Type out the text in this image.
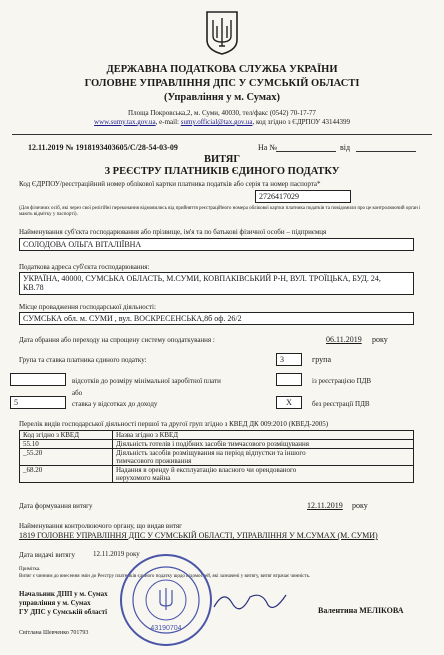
ДЕРЖАВНА ПОДАТКОВА СЛУЖБА УКРАЇНИ
ГОЛОВНЕ УПРАВЛІННЯ ДПС У СУМСЬКІЙ ОБЛАСТІ
(Управління у м. Сумах)
Площа Покровська,2, м. Суми, 40030, тел/факс (0542) 70-17-77
www.sumy.tax.gov.ua, e-mail: sumy.official@tax.gov.ua, код згідно з ЄДРПОУ 43144399
12.11.2019 № 1918193403605/С/28-54-03-09	На №	від
ВИТЯГ
З РЕЄСТРУ ПЛАТНИКІВ ЄДИНОГО ПОДАТКУ
Код ЄДРПОУ/реєстраційний номер облікової картки платника податків або серія та номер паспорта*
2726417029
(Для фізичних осіб, які через свої релігійні переконання відмовились від прийняття реєстраційного номера облікової картки платника податків та повідомили про це контролюючий орган і мають відмітку у паспорті).
Найменування суб'єкта господарювання або прізвище, ім'я та по батькові фізичної особи – підприємця
СОЛОДОВА ОЛЬГА ВІТАЛІЇВНА
Податкова адреса суб'єкта господарювання:
УКРАЇНА, 40000, СУМСЬКА ОБЛАСТЬ, М.СУМИ, КОВПАКІВСЬКИЙ Р-Н, ВУЛ. ТРОЇЦЬКА, БУД. 24,
КВ.78
Місце провадження господарської діяльності:
СУМСЬКА обл. м. СУМИ , вул. ВОСКРЕСЕНСЬКА,8б оф. 26/2
Дата обрання або переходу на спрощену систему оподаткування :	06.11.2019 року
Група та ставка платника єдиного податку:	3	група
відсотків до розміру мінімальної заробітної плати	із реєстрацією ПДВ
або
5	ставка у відсотках до доходу	Х	без реєстрації ПДВ
Перелік видів господарської діяльності першої та другої груп згідно з КВЕД ДК 009:2010 (КВЕД-2005)
Код згідно з КВЕД	Назва згідно з КВЕД
55.10	Діяльність готелів і подібних засобів тимчасового розміщування

_55.20	Діяльність засобів розміщування на період відпустки та іншого
тимчасового проживання

_68.20	Надання в оренду й експлуатацію власного чи орендованого
нерухомого майна
Дата формування витягу	12.11.2019 року
Найменування контролюючого органу, що видав витяг
1819 ГОЛОВНЕ УПРАВЛІННЯ ДПС У СУМСЬКІЙ ОБЛАСТІ, УПРАВЛІННЯ У М.СУМАХ (М. СУМИ)
Дата видачі витягу	12.11.2019 року
Примітка.
Витяг є чинним до внесення змін до Реєстру платників єдиного податку щодо відомостей, які зазначені у витягу, витяг втрачає чинність.
Начальник ДПП у м. Сумах
управління у м. Сумах
ГУ ДПС у Сумській області	Валентина МЕЛІКОВА
Світлана Шевченко 701793
43190704
